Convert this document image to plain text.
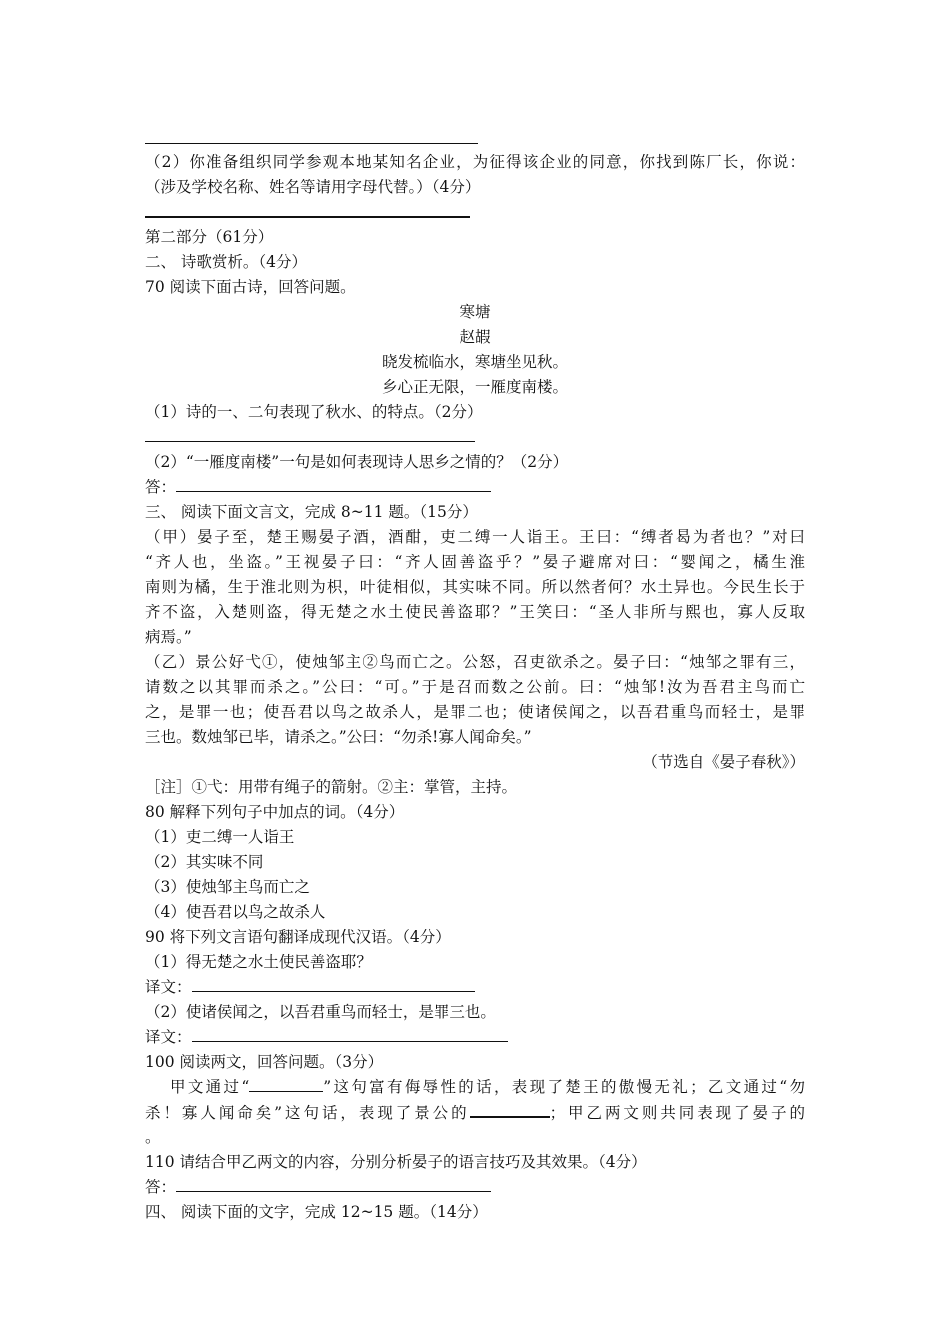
（2）你准备组织同学参观本地某知名企业，为征得该企业的同意，你找到陈厂长，你说：
（涉及学校名称、姓名等请用字母代替。）（4分）
第二部分（61分）
二、 诗歌赏析。（4分）
70 阅读下面古诗，回答问题。
寒塘
赵嘏
晓发梳临水，寒塘坐见秋。
乡心正无限，一雁度南楼。
（1）诗的一、二句表现了秋水、的特点。（2分）
（2）“一雁度南楼”一句是如何表现诗人思乡之情的？（2分）
答：
三、 阅读下面文言文，完成 8~11 题。（15分）
（甲）晏子至，楚王赐晏子酒，酒酣，吏二缚一人诣王。王曰：“缚者曷为者也？”对曰
“齐人也，坐盗。”王视晏子曰：“齐人固善盗乎？”晏子避席对曰：“婴闻之，橘生淮
南则为橘，生于淮北则为枳，叶徒相似，其实味不同。所以然者何？水土异也。今民生长于
齐不盗，入楚则盗，得无楚之水土使民善盗耶？”王笑曰：“圣人非所与熙也，寡人反取
病焉。”
（乙）景公好弋①，使烛邹主②鸟而亡之。公怒，召吏欲杀之。晏子曰：“烛邹之罪有三，
请数之以其罪而杀之。”公曰：“可。”于是召而数之公前。曰：“烛邹!汝为吾君主鸟而亡
之，是罪一也；使吾君以鸟之故杀人，是罪二也；使诸侯闻之，以吾君重鸟而轻士，是罪
三也。数烛邹已毕，请杀之。”公曰：“勿杀!寡人闻命矣。”
（节选自《晏子春秋》）
［注］①弋：用带有绳子的箭射。②主：掌管，主持。
80 解释下列句子中加点的词。（4分）
（1）吏二缚一人诣王
（2）其实味不同
（3）使烛邹主鸟而亡之
（4）使吾君以鸟之故杀人
90 将下列文言语句翻译成现代汉语。（4分）
（1）得无楚之水土使民善盗耶？
译文：
（2）使诸侯闻之，以吾君重鸟而轻士，是罪三也。
译文：
100 阅读两文，回答问题。（3分）
甲文通过“	”这句富有侮辱性的话，表现了楚王的傲慢无礼；乙文通过“勿
杀！寡人闻命矣”这句话，表现了景公的	；甲乙两文则共同表现了晏子的
。
110 请结合甲乙两文的内容，分别分析晏子的语言技巧及其效果。（4分）
答：
四、 阅读下面的文字，完成 12~15 题。（14分）
